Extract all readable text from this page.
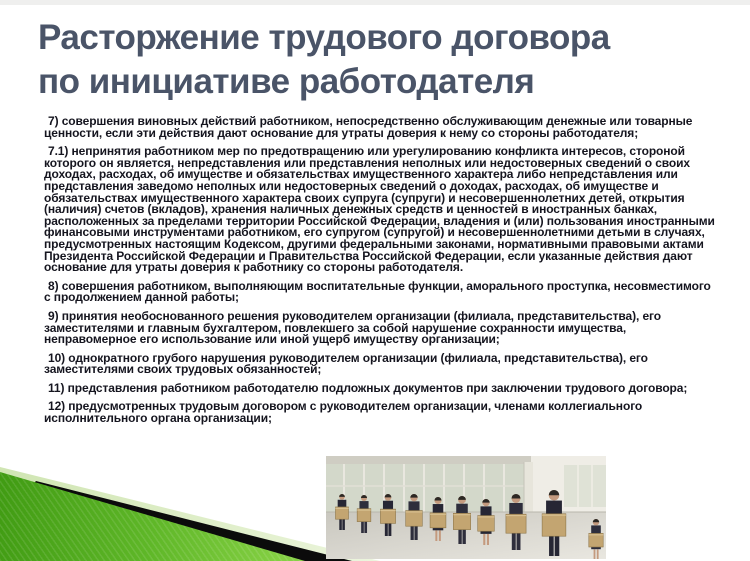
Расторжение трудового договора
по инициативе работодателя

7) совершения виновных действий работником, непосредственно обслуживающим денежные или товарные ценности, если эти действия дают основание для утраты доверия к нему со стороны работодателя;

7.1) непринятия работником мер по предотвращению или урегулированию конфликта интересов, стороной которого он является, непредставления или представления неполных или недостоверных сведений о своих доходах, расходах, об имуществе и обязательствах имущественного характера либо непредставления или представления заведомо неполных или недостоверных сведений о доходах, расходах, об имуществе и обязательствах имущественного характера своих супруга (супруги) и несовершеннолетних детей, открытия (наличия) счетов (вкладов), хранения наличных денежных средств и ценностей в иностранных банках, расположенных за пределами территории Российской Федерации, владения и (или) пользования иностранными финансовыми инструментами работником, его супругом (супругой) и несовершеннолетними детьми в случаях, предусмотренных настоящим Кодексом, другими федеральными законами, нормативными правовыми актами Президента Российской Федерации и Правительства Российской Федерации, если указанные действия дают основание для утраты доверия к работнику со стороны работодателя.

8) совершения работником, выполняющим воспитательные функции, аморального проступка, несовместимого с продолжением данной работы;

9) принятия необоснованного решения руководителем организации (филиала, представительства), его заместителями и главным бухгалтером, повлекшего за собой нарушение сохранности имущества, неправомерное его использование или иной ущерб имуществу организации;

10) однократного грубого нарушения руководителем организации (филиала, представительства), его заместителями своих трудовых обязанностей;

11) представления работником работодателю подложных документов при заключении трудового договора;

12) предусмотренных трудовым договором с руководителем организации, членами коллегиального исполнительного органа организации;
